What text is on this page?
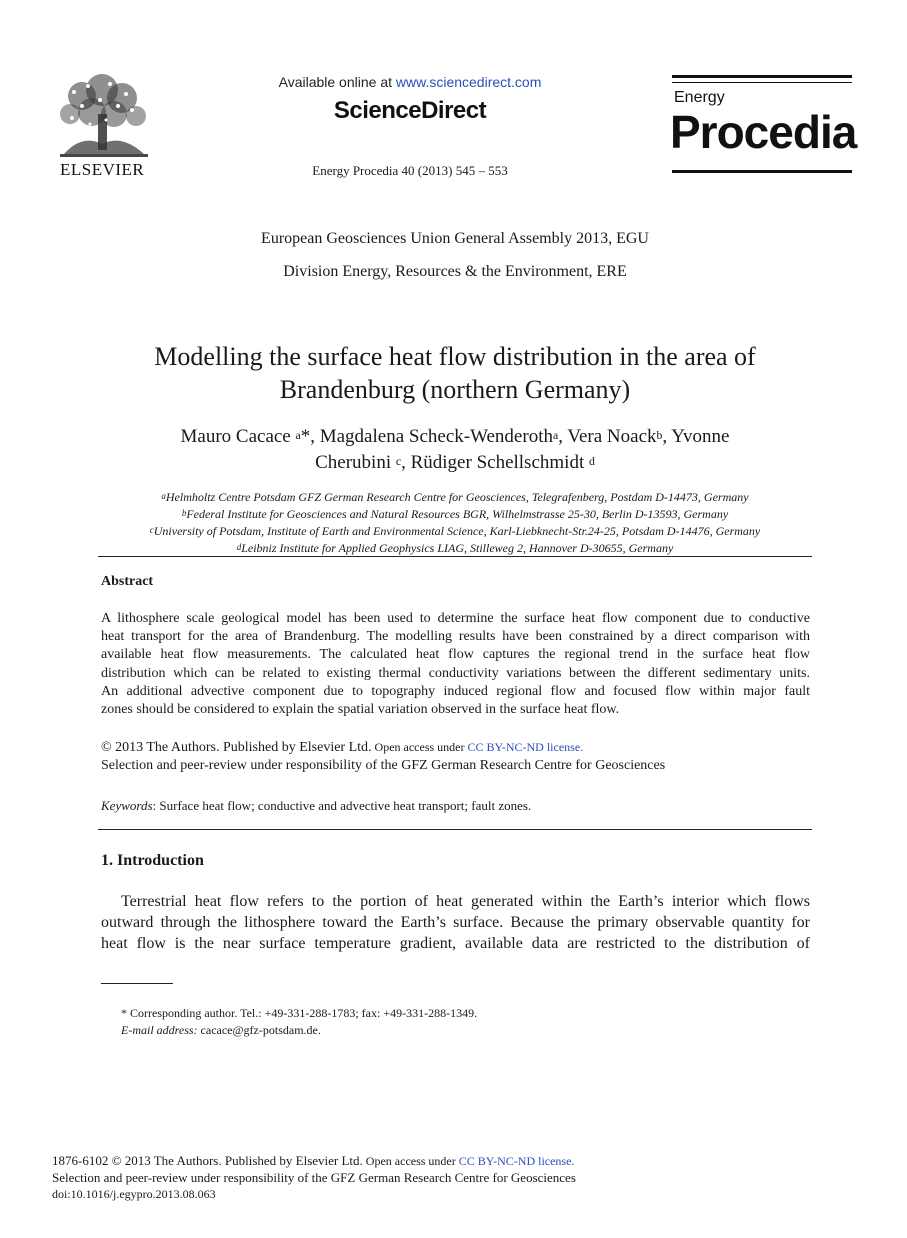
ELSEVIER
Available online at www.sciencedirect.com
ScienceDirect
Energy Procedia 40 (2013) 545 – 553
Energy
Procedia
European Geosciences Union General Assembly 2013, EGU
Division Energy, Resources & the Environment, ERE
Modelling the surface heat flow distribution in the area of
Brandenburg (northern Germany)
Mauro Cacace $^a$*, Magdalena Scheck-Wenderoth$^a$, Vera Noack$^b$, Yvonne
Cherubini $^c$, Rüdiger Schellschmidt $^d$
$^a$Helmholtz Centre Potsdam GFZ German Research Centre for Geosciences, Telegrafenberg, Postdam D-14473, Germany
$^b$Federal Institute for Geosciences and Natural Resources BGR, Wilhelmstrasse 25-30, Berlin D-13593, Germany
$^c$University of Potsdam, Institute of Earth and Environmental Science, Karl-Liebknecht-Str.24-25, Potsdam D-14476, Germany
$^d$Leibniz Institute for Applied Geophysics LIAG, Stilleweg 2, Hannover D-30655, Germany
Abstract
A lithosphere scale geological model has been used to determine the surface heat flow component due to conductive
heat transport for the area of Brandenburg. The modelling results have been constrained by a direct comparison with
available heat flow measurements. The calculated heat flow captures the regional trend in the surface heat flow
distribution which can be related to existing thermal conductivity variations between the different sedimentary units.
An additional advective component due to topography induced regional flow and focused flow within major fault
zones should be considered to explain the spatial variation observed in the surface heat flow.
© 2013 The Authors. Published by Elsevier Ltd. Open access under CC BY-NC-ND license.
Selection and peer-review under responsibility of the GFZ German Research Centre for Geosciences
Keywords: Surface heat flow; conductive and advective heat transport; fault zones.
1. Introduction
Terrestrial heat flow refers to the portion of heat generated within the Earth’s interior which flows
outward through the lithosphere toward the Earth’s surface. Because the primary observable quantity for
heat flow is the near surface temperature gradient, available data are restricted to the distribution of
* Corresponding author. Tel.: +49-331-288-1783; fax: +49-331-288-1349.
E-mail address: cacace@gfz-potsdam.de.
1876-6102 © 2013 The Authors. Published by Elsevier Ltd. Open access under CC BY-NC-ND license.
Selection and peer-review under responsibility of the GFZ German Research Centre for Geosciences
doi:10.1016/j.egypro.2013.08.063
